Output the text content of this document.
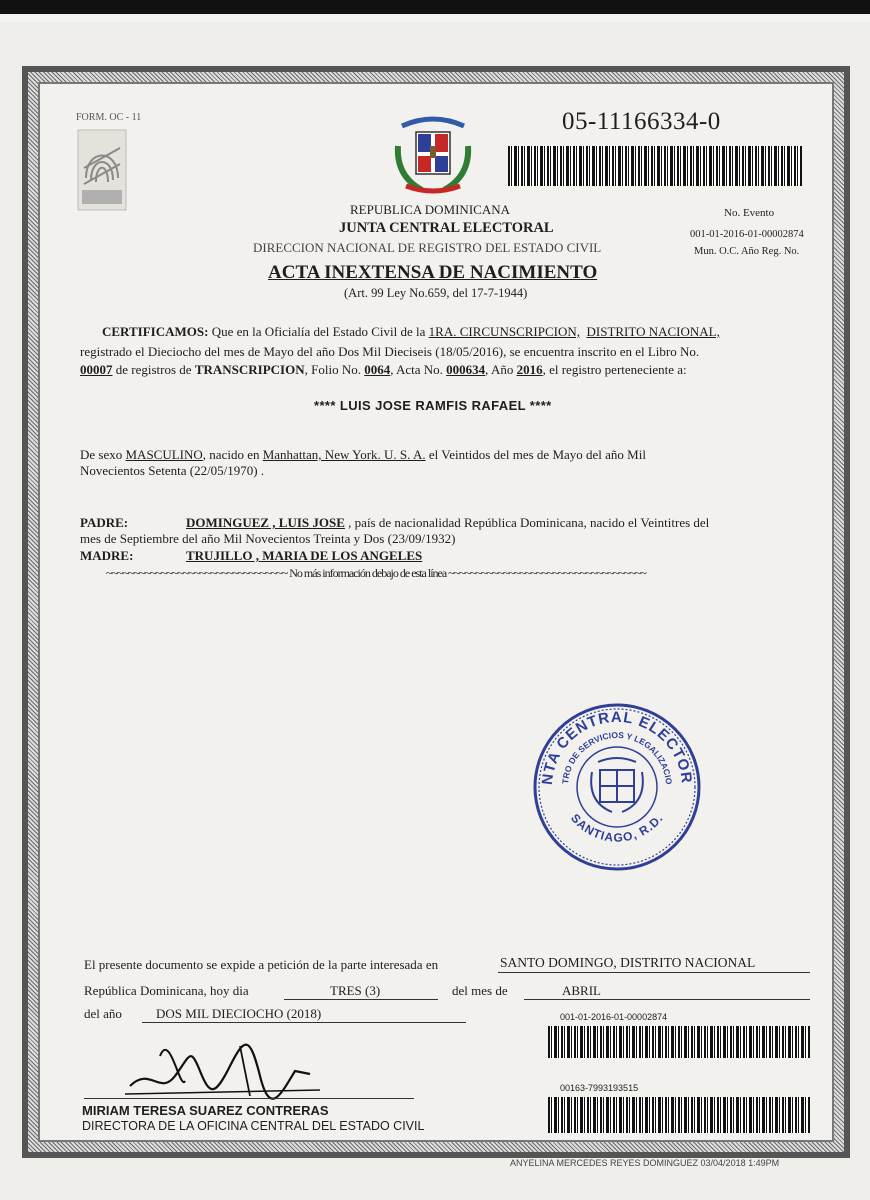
FORM. OC - 11	05-11166334-0
REPUBLICA DOMINICANA
JUNTA CENTRAL ELECTORAL
DIRECCION NACIONAL DE REGISTRO DEL ESTADO CIVIL
ACTA INEXTENSA DE NACIMIENTO
(Art. 99 Ley No.659, del 17-7-1944)
No. Evento
001-01-2016-01-00002874
Mun. O.C. Año Reg. No.
CERTIFICAMOS: Que en la Oficialía del Estado Civil de la 1RA. CIRCUNSCRIPCION, DISTRITO NACIONAL,
registrado el Dieciocho del mes de Mayo del año Dos Mil Dieciseis (18/05/2016), se encuentra inscrito en el Libro No.
00007 de registros de TRANSCRIPCION, Folio No. 0064, Acta No. 000634, Año 2016, el registro perteneciente a:
**** LUIS JOSE RAMFIS RAFAEL ****
De sexo MASCULINO, nacido en Manhattan, New York. U. S. A. el Veintidos del mes de Mayo del año Mil
Novecientos Setenta (22/05/1970) .
PADRE:	DOMINGUEZ , LUIS JOSE , país de nacionalidad República Dominicana, nacido el Veintitres del
mes de Septiembre del año Mil Novecientos Treinta y Dos (23/09/1932)
MADRE:	TRUJILLO , MARIA DE LOS ANGELES
~~~~~~~~~~~~~~~~~~~~~~~~~~~~~~~~~ No más información debajo de esta línea ~~~~~~~~~~~~~~~~~~~~~~~~~~~~~~~~~~~~
NTA CENTRAL ELECTOR
TRO DE SERVICIOS Y LEGALIZACIO
SANTIAGO, R.D.
El presente documento se expide a petición de la parte interesada en	SANTO DOMINGO, DISTRITO NACIONAL
República Dominicana, hoy dia	TRES (3)	del mes de	ABRIL
del año	DOS MIL DIECIOCHO (2018)	001-01-2016-01-00002874
00163-7993193515
MIRIAM TERESA SUAREZ CONTRERAS
DIRECTORA DE LA OFICINA CENTRAL DEL ESTADO CIVIL
ANYELINA MERCEDES REYES DOMINGUEZ 03/04/2018 1:49PM
